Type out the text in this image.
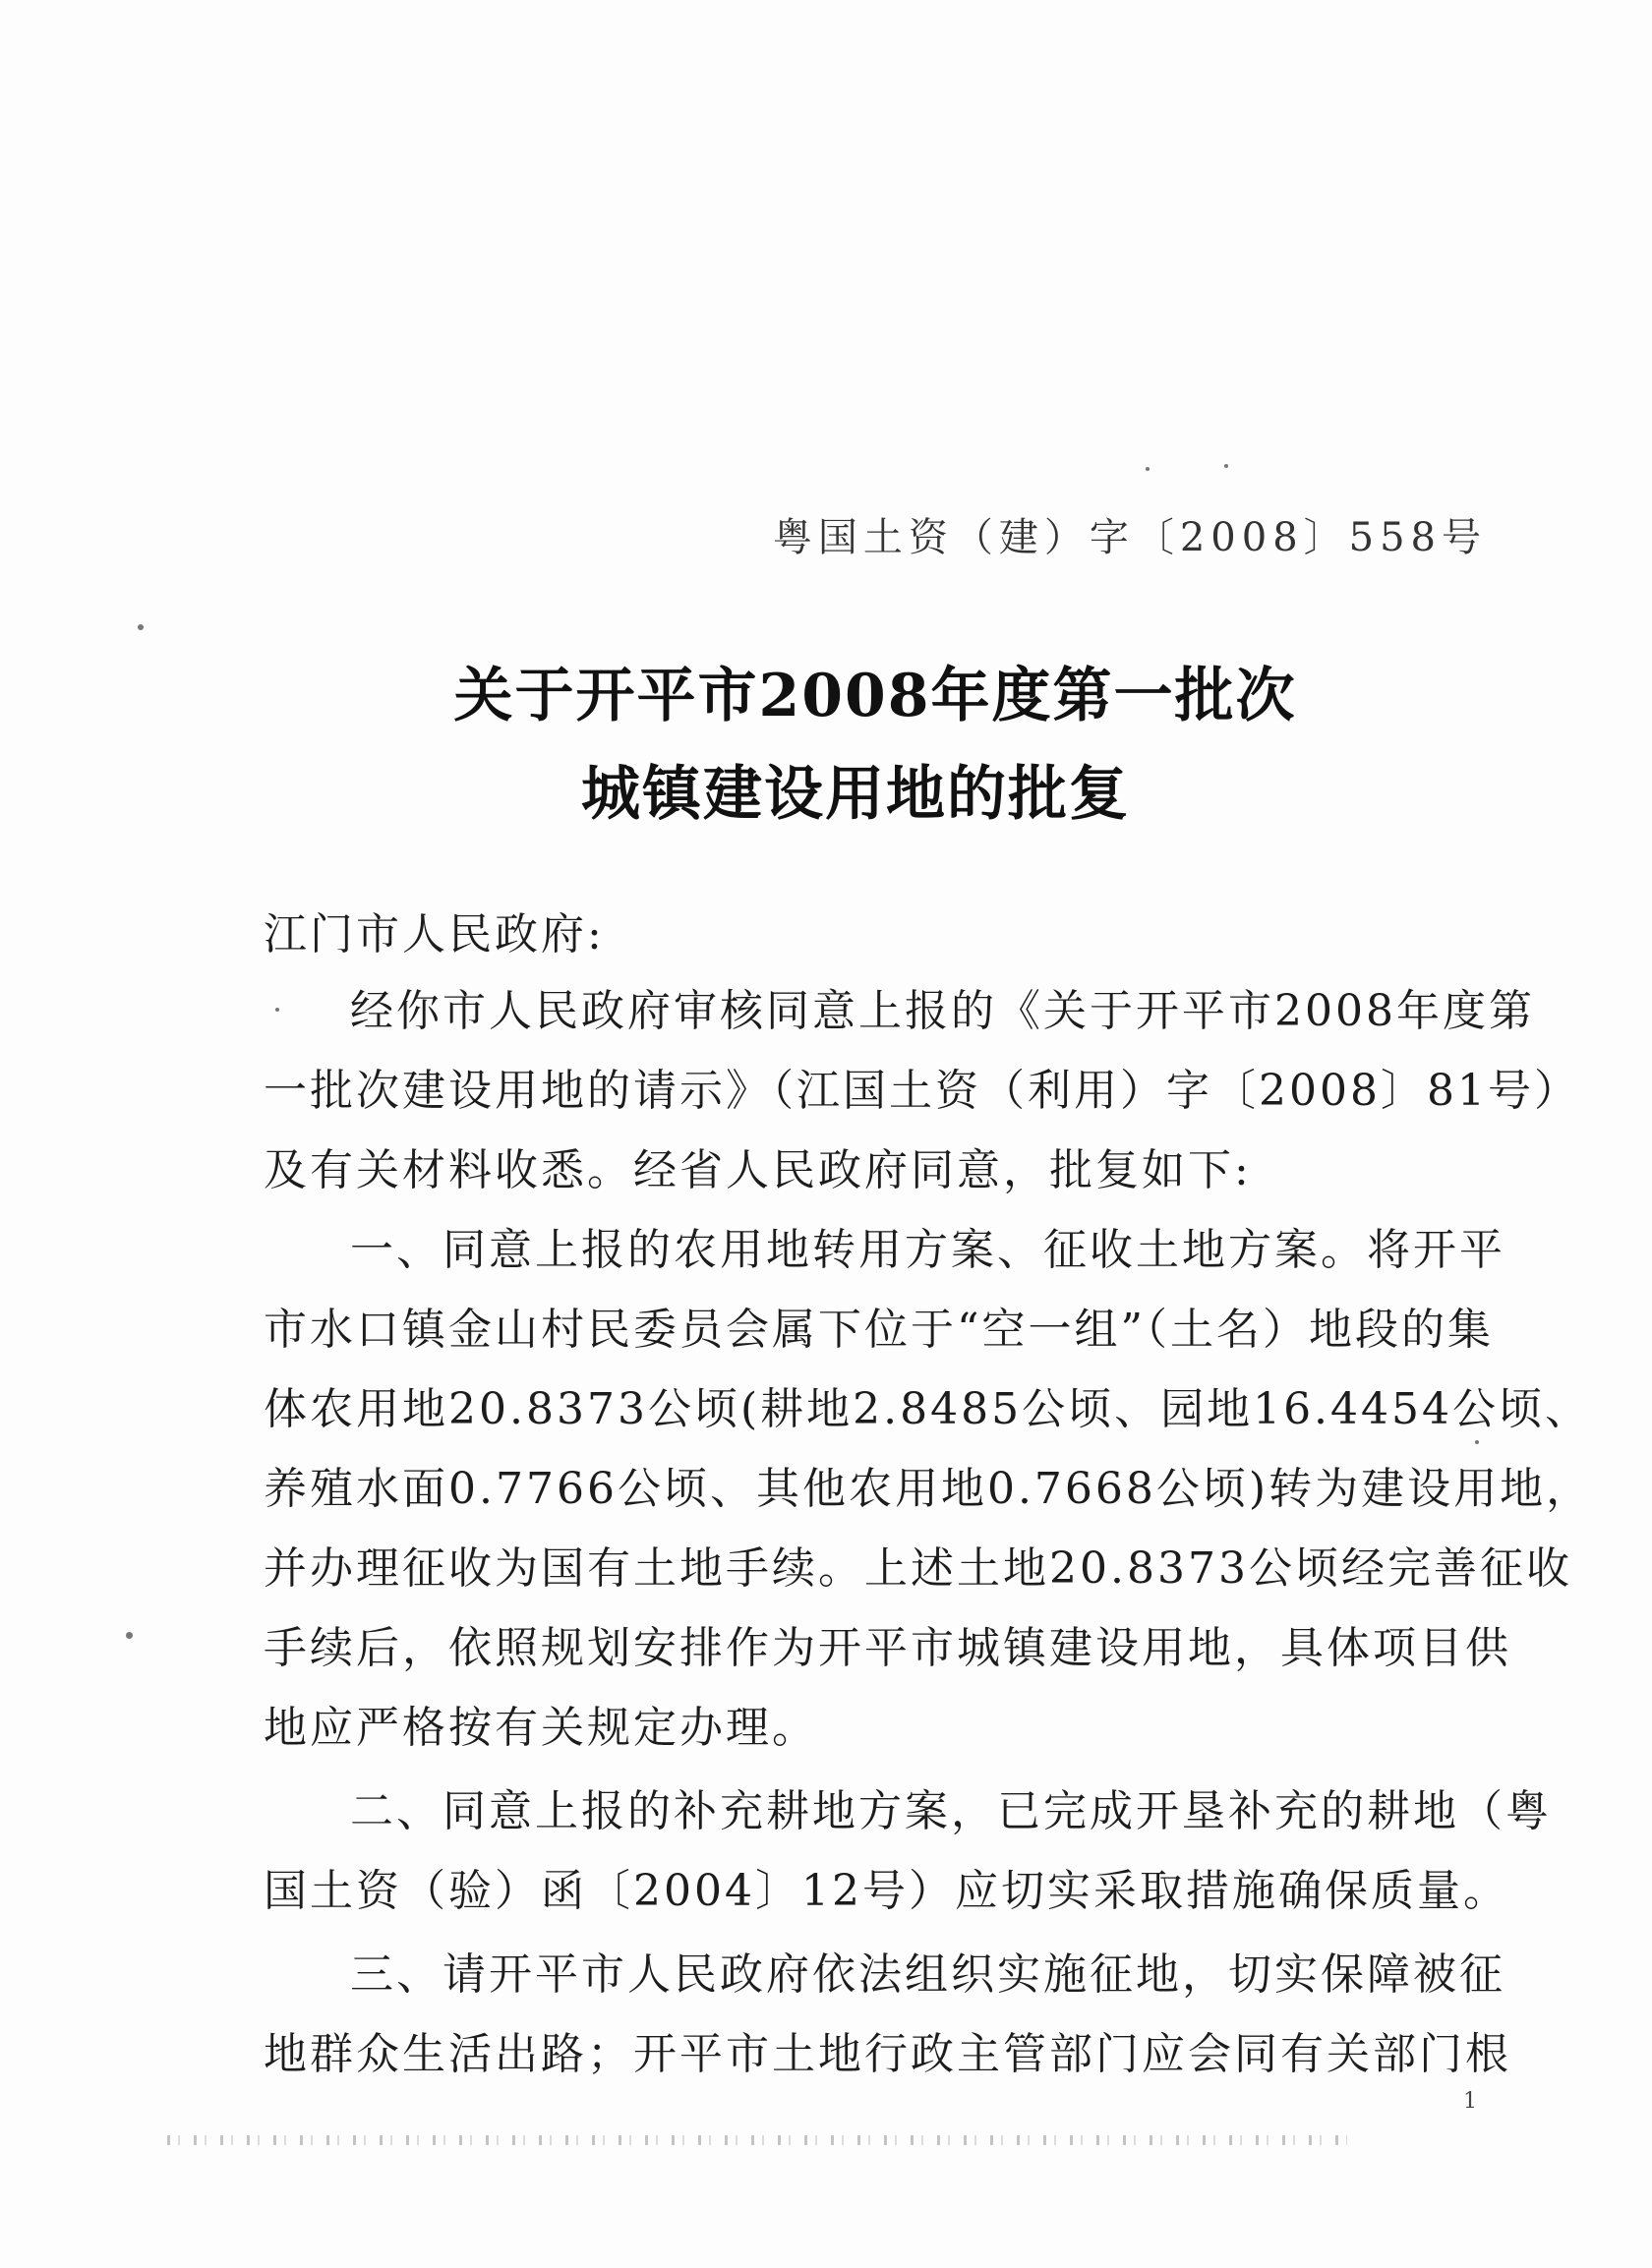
粤国土资（建）字〔2008〕558号
关于开平市2008年度第一批次
城镇建设用地的批复
江门市人民政府:
经你市人民政府审核同意上报的《关于开平市2008年度第
一批次建设用地的请示》（江国土资（利用）字〔2008〕81号）
及有关材料收悉。经省人民政府同意，批复如下:
一、同意上报的农用地转用方案、征收土地方案。将开平
市水口镇金山村民委员会属下位于“空一组”（土名）地段的集
体农用地20.8373公顷(耕地2.8485公顷、园地16.4454公顷、
养殖水面0.7766公顷、其他农用地0.7668公顷)转为建设用地，
并办理征收为国有土地手续。上述土地20.8373公顷经完善征收
手续后，依照规划安排作为开平市城镇建设用地，具体项目供
地应严格按有关规定办理。
二、同意上报的补充耕地方案，已完成开垦补充的耕地（粤
国土资（验）函〔2004〕12号）应切实采取措施确保质量。
三、请开平市人民政府依法组织实施征地，切实保障被征
地群众生活出路；开平市土地行政主管部门应会同有关部门根
1
